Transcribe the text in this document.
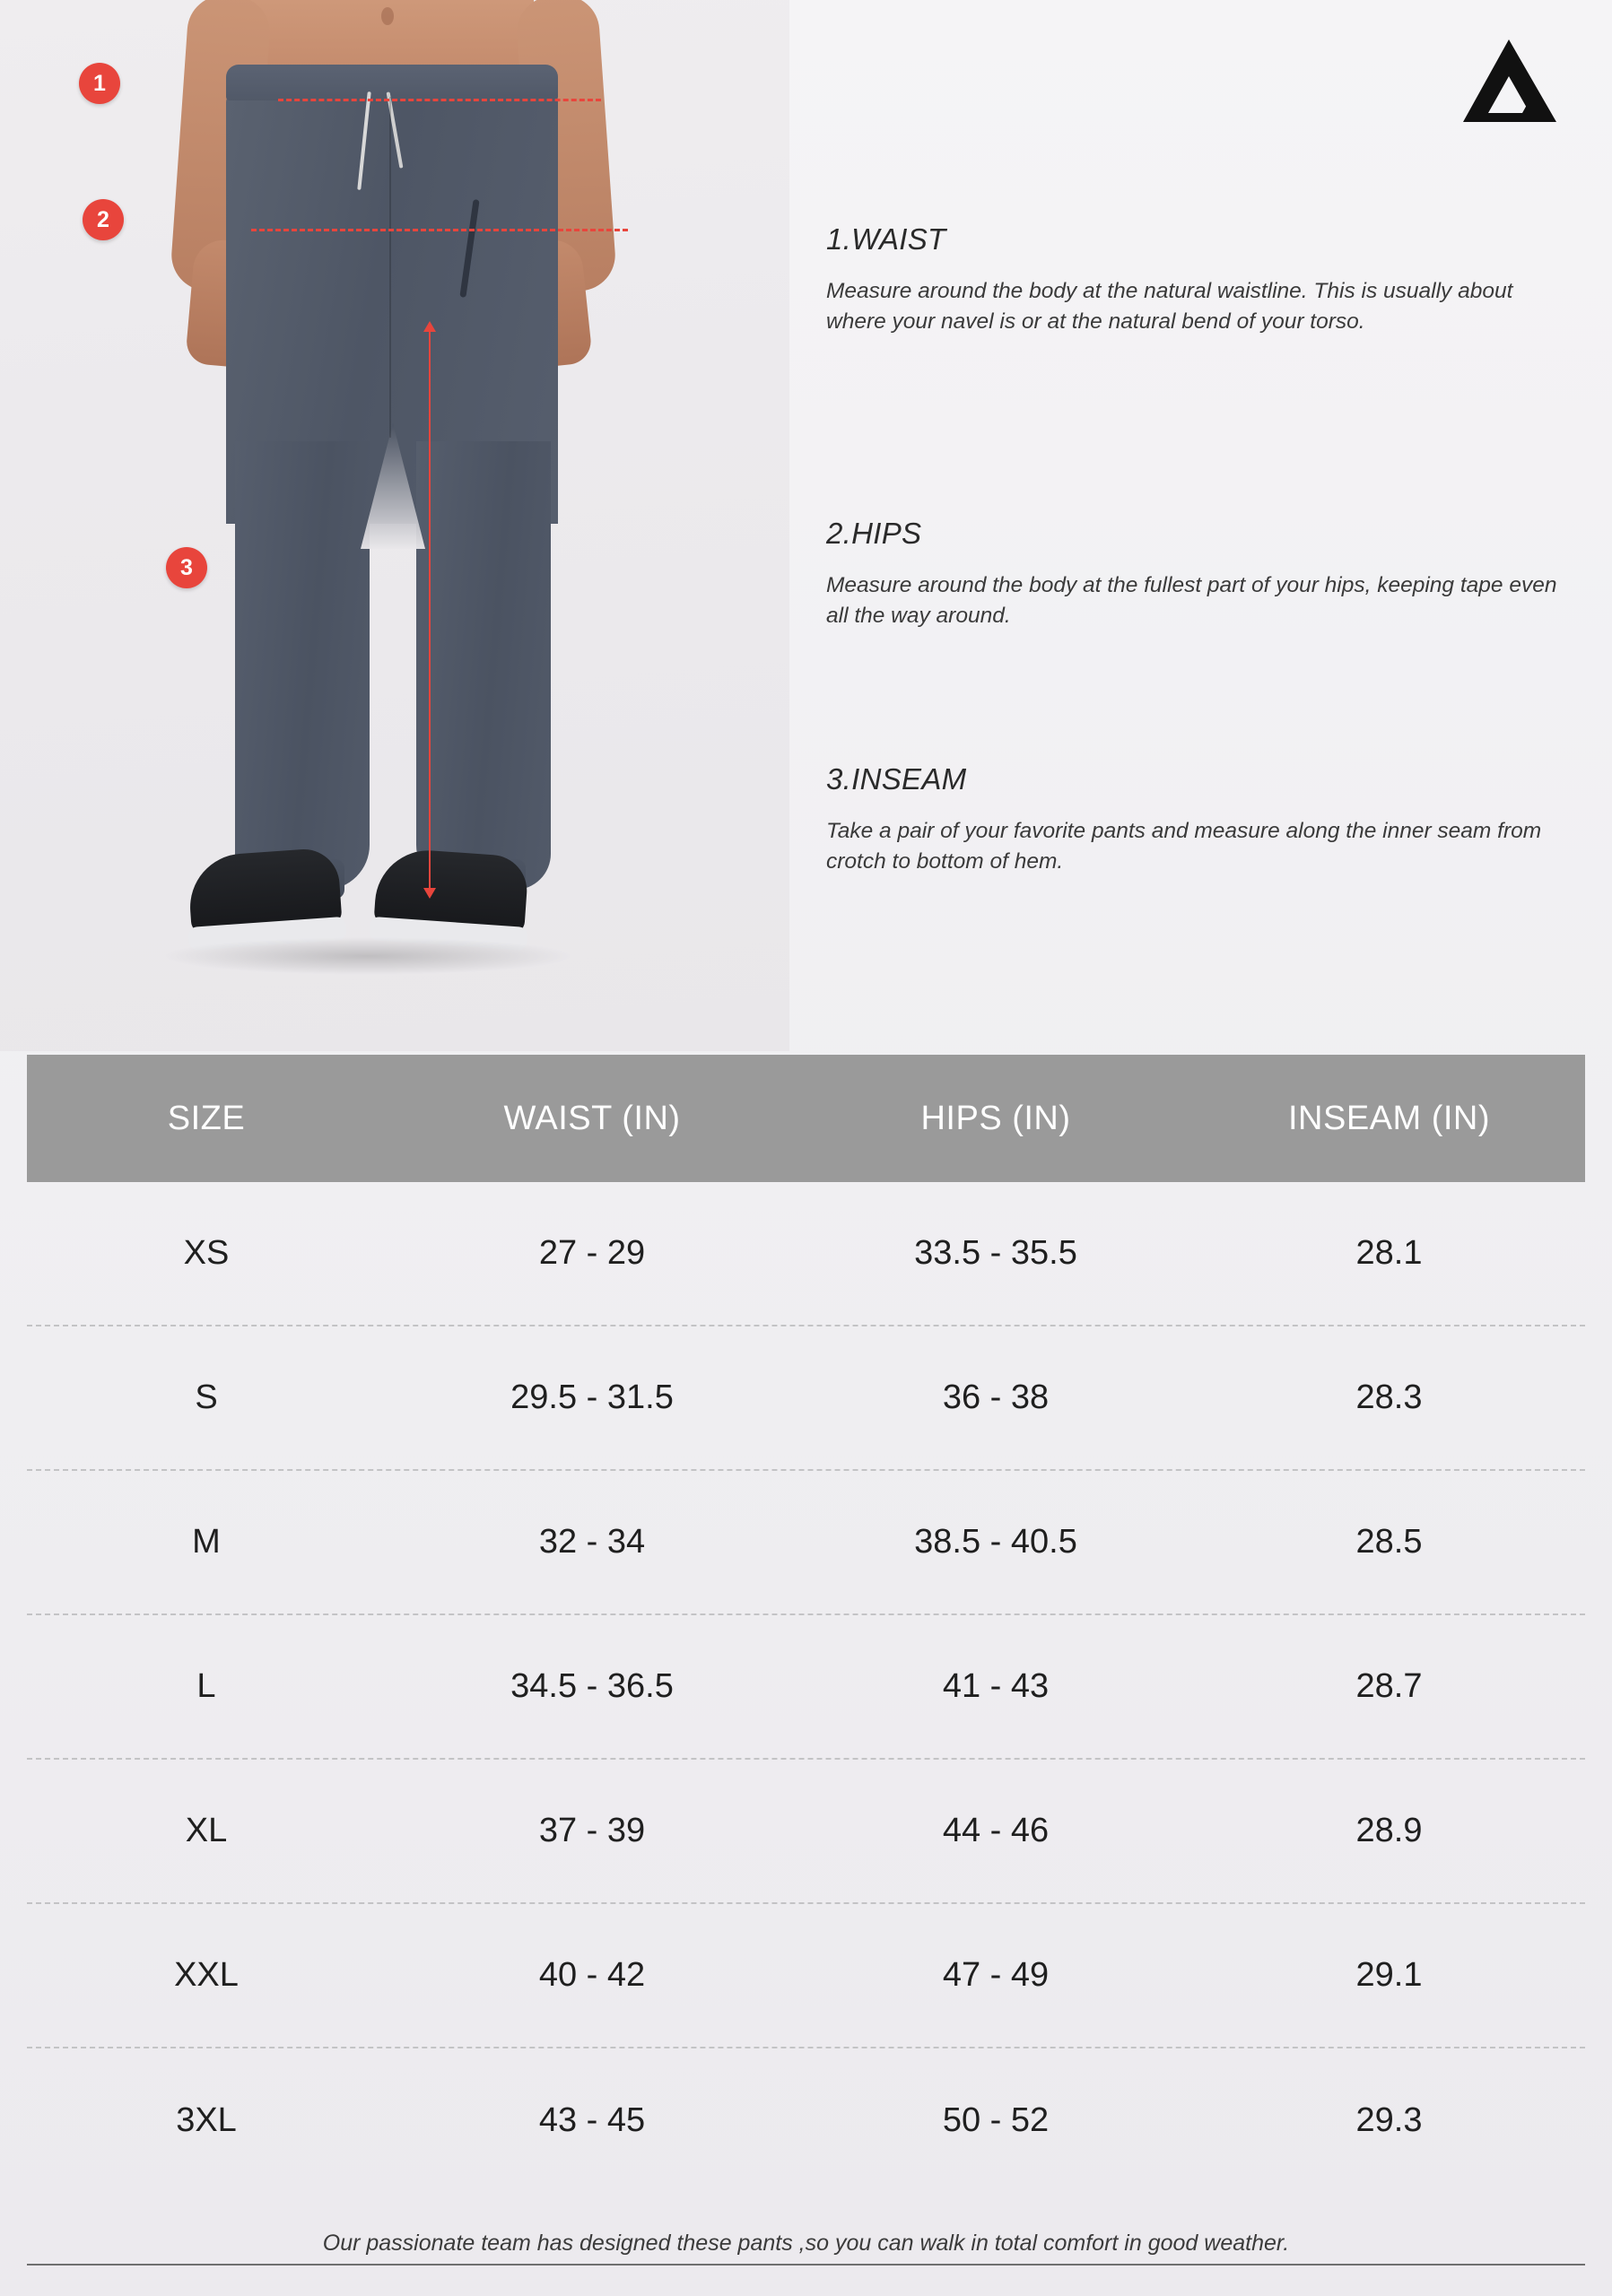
1
2
3
1.WAIST

Measure around the body at the natural waistline. This is usually about where your navel is or at the natural bend of your torso.

2.HIPS

Measure around the body at the fullest part of your hips, keeping tape even all the way around.

3.INSEAM

Take a pair of your favorite pants and measure along the inner seam from crotch to bottom of hem.

SIZE	WAIST (IN)	HIPS (IN)	INSEAM (IN)
XS	27 - 29	33.5 - 35.5	28.1
S	29.5 - 31.5	36 - 38	28.3
M	32 - 34	38.5 - 40.5	28.5
L	34.5 - 36.5	41 - 43	28.7
XL	37 - 39	44 - 46	28.9
XXL	40 - 42	47 - 49	29.1
3XL	43 - 45	50 - 52	29.3
Our passionate team has designed these pants ,so you can walk in total comfort in good weather.
